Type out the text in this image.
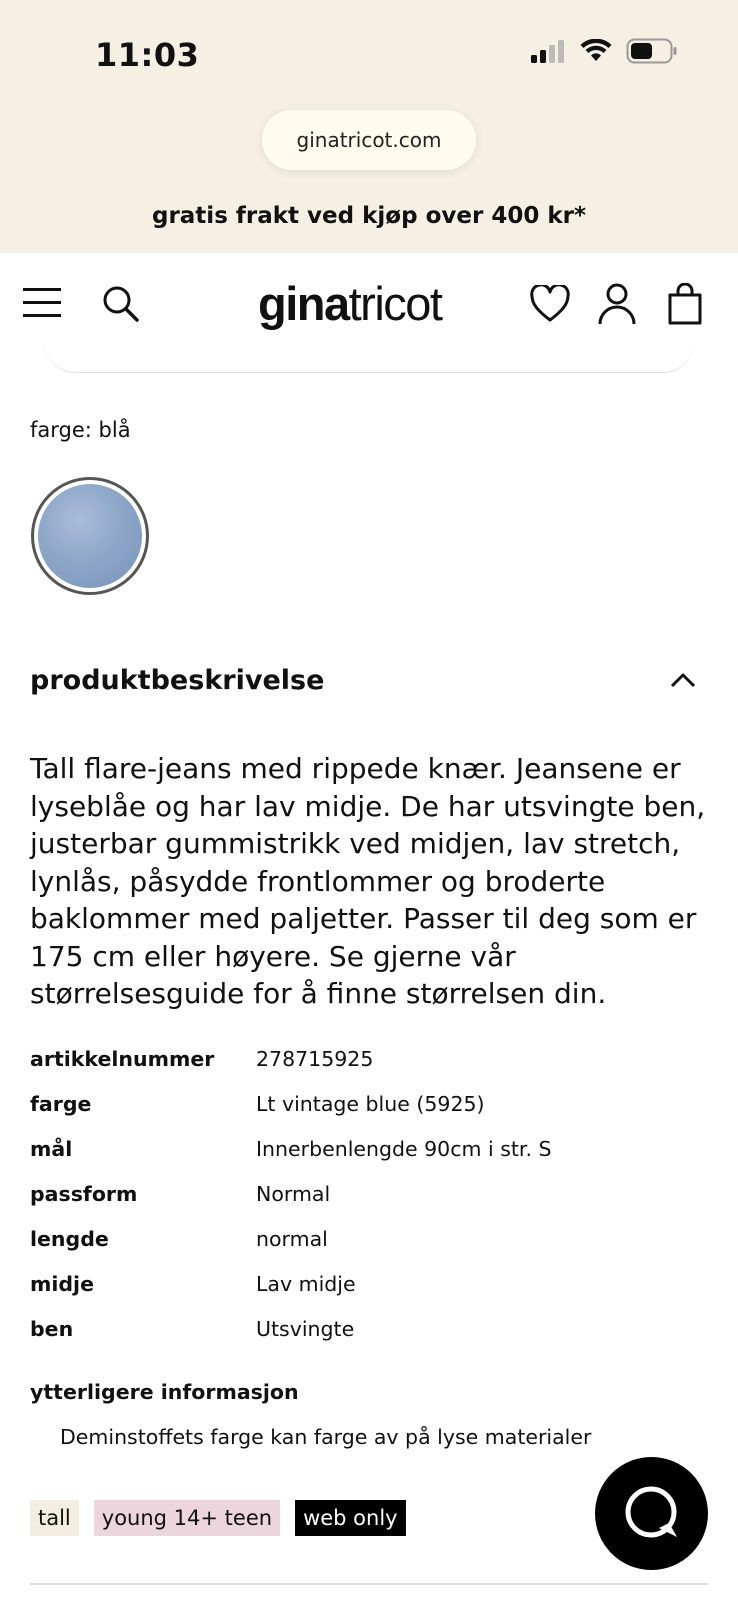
11:03
ginatricot.com
gratis frakt ved kjøp over 400 kr*
ginatricot
farge: blå
produktbeskrivelse
Tall flare-jeans med rippede knær. Jeansene er lyseblåe og har lav midje. De har utsvingte ben, justerbar gummistrikk ved midjen, lav stretch, lynlås, påsydde frontlommer og broderte baklommer med paljetter. Passer til deg som er 175 cm eller høyere. Se gjerne vår størrelsesguide for å finne størrelsen din.
artikkelnummer 278715925
farge	Lt vintage blue (5925)
mål	Innerbenlengde 90cm i str. S
passform	Normal
lengde	normal
midje	Lav midje
ben	Utsvingte
ytterligere informasjon
Deminstoffets farge kan farge av på lyse materialer
tall	young 14+ teen	web only
